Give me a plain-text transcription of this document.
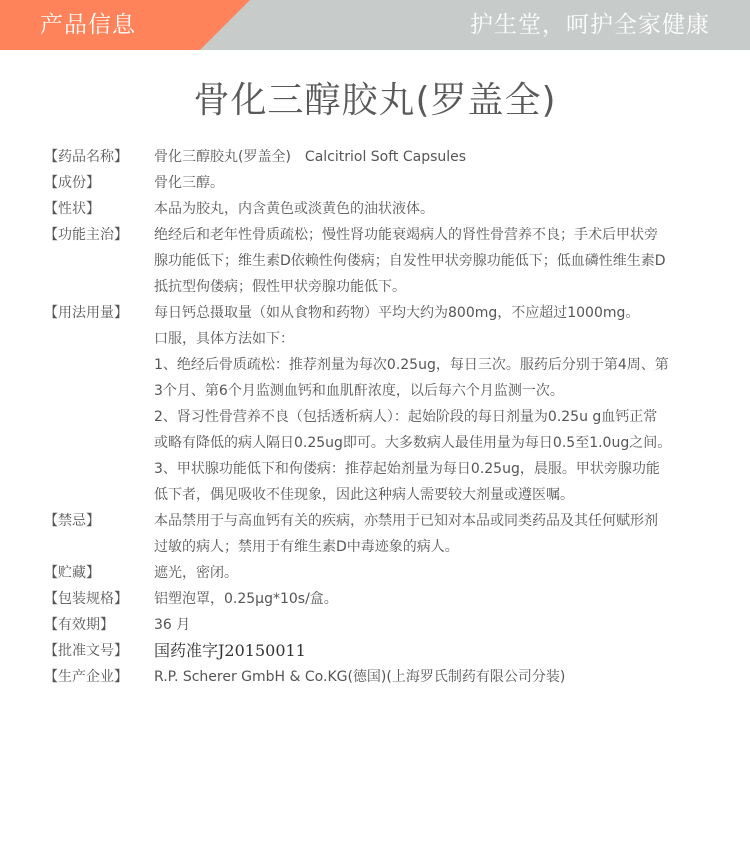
产品信息	护生堂，呵护全家健康
骨化三醇胶丸(罗盖全)
【药品名称】	骨化三醇胶丸(罗盖全)　Calcitriol Soft Capsules
【成份】	骨化三醇。
【性状】	本品为胶丸，内含黄色或淡黄色的油状液体。
【功能主治】	绝经后和老年性骨质疏松；慢性肾功能衰竭病人的肾性骨营养不良；手术后甲状旁
腺功能低下；维生素D依赖性佝偻病；自发性甲状旁腺功能低下；低血磷性维生素D
抵抗型佝偻病；假性甲状旁腺功能低下。
【用法用量】	每日钙总摄取量（如从食物和药物）平均大约为800mg，不应超过1000mg。
口服，具体方法如下：
1、绝经后骨质疏松：推荐剂量为每次0.25ug，每日三次。服药后分别于第4周、第
3个月、第6个月监测血钙和血肌酐浓度，以后每六个月监测一次。
2、肾习性骨营养不良（包括透析病人）：起始阶段的每日剂量为0.25u g血钙正常
或略有降低的病人隔日0.25ug即可。大多数病人最佳用量为每日0.5至1.0ug之间。
3、甲状腺功能低下和佝偻病：推荐起始剂量为每日0.25ug，晨服。甲状旁腺功能
低下者，偶见吸收不佳现象，因此这种病人需要较大剂量或遵医嘱。
【禁忌】	本品禁用于与高血钙有关的疾病，亦禁用于已知对本品或同类药品及其任何赋形剂
过敏的病人；禁用于有维生素D中毒迹象的病人。
【贮藏】	遮光，密闭。
【包装规格】	铝塑泡罩，0.25μg*10s/盒。
【有效期】	36 月
【批准文号】	国药准字J20150011
【生产企业】	R.P. Scherer GmbH & Co.KG(德国)(上海罗氏制药有限公司分装)
